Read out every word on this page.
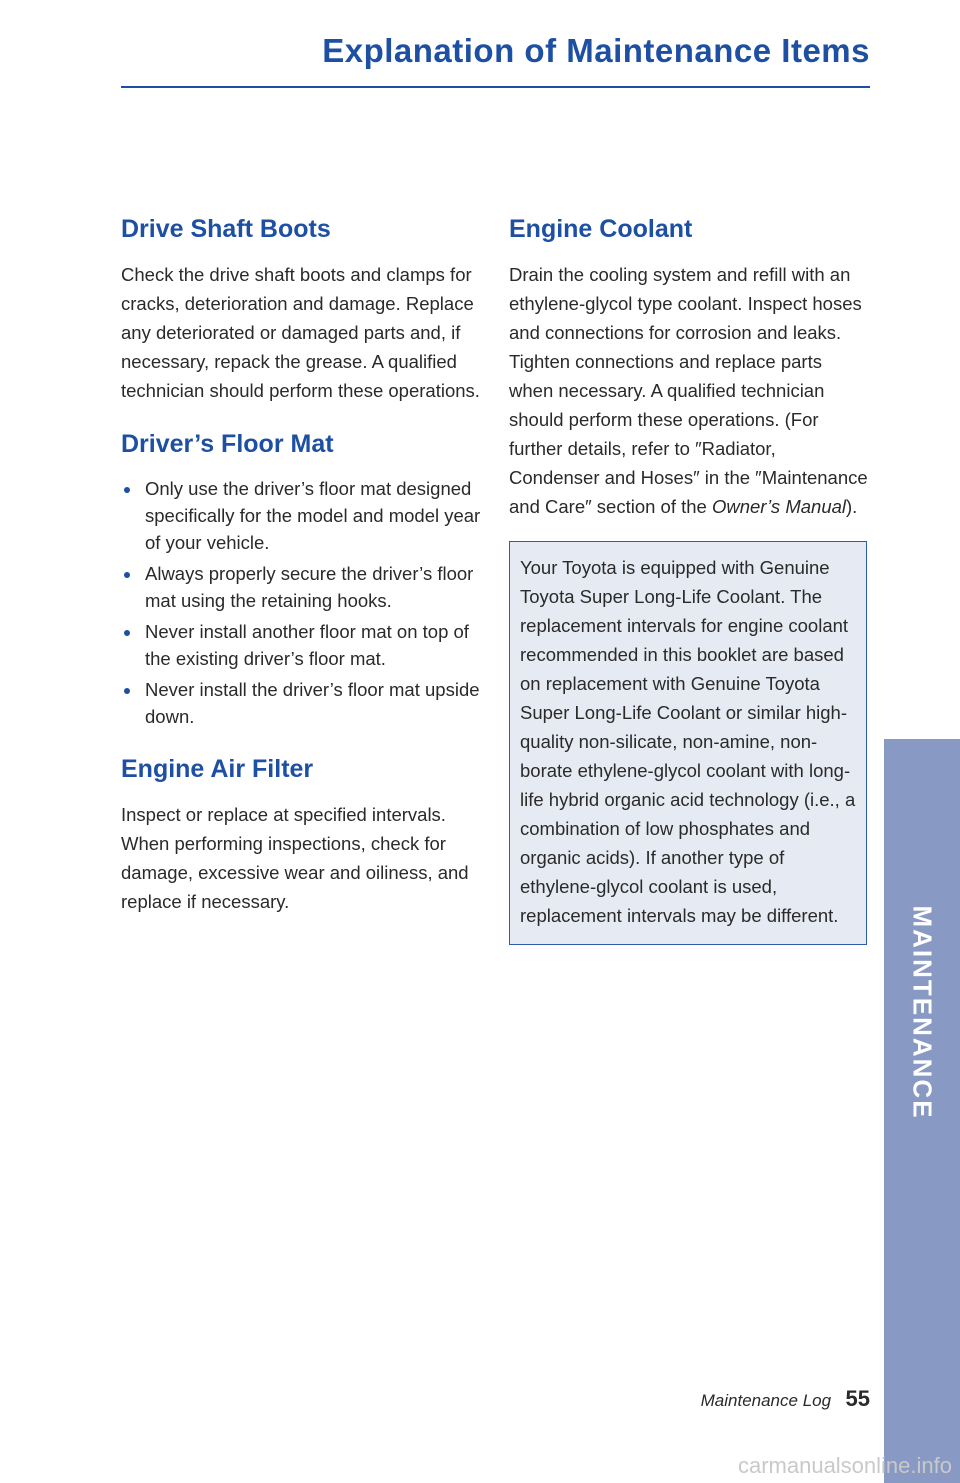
Explanation of Maintenance Items
Drive Shaft Boots

Check the drive shaft boots and clamps for cracks, deterioration and damage. Replace any deteriorated or damaged parts and, if necessary, repack the grease. A qualified technician should perform these operations.

Driver’s Floor Mat
Only use the driver’s floor mat designed specifically for the model and model year of your vehicle.
Always properly secure the driver’s floor mat using the retaining hooks.
Never install another floor mat on top of the existing driver’s floor mat.
Never install the driver’s floor mat upside down.
Engine Air Filter

Inspect or replace at specified intervals. When performing inspections, check for damage, excessive wear and oiliness, and replace if necessary.

Engine Coolant

Drain the cooling system and refill with an ethylene-glycol type coolant. Inspect hoses and connections for corrosion and leaks. Tighten connections and replace parts when necessary. A qualified technician should perform these operations. (For further details, refer to ″Radiator, Condenser and Hoses″ in the ″Maintenance and Care″ section of the Owner’s Manual).

Your Toyota is equipped with Genuine Toyota Super Long-Life Coolant. The replacement intervals for engine coolant recommended in this booklet are based on replacement with Genuine Toyota Super Long-Life Coolant or similar high-quality non-silicate, non-amine, non-borate ethylene-glycol coolant with long-life hybrid organic acid technology (i.e., a combination of low phosphates and organic acids). If another type of ethylene-glycol coolant is used, replacement intervals may be different.	MAINTENANCE
Maintenance Log 55
carmanualsonline.info
